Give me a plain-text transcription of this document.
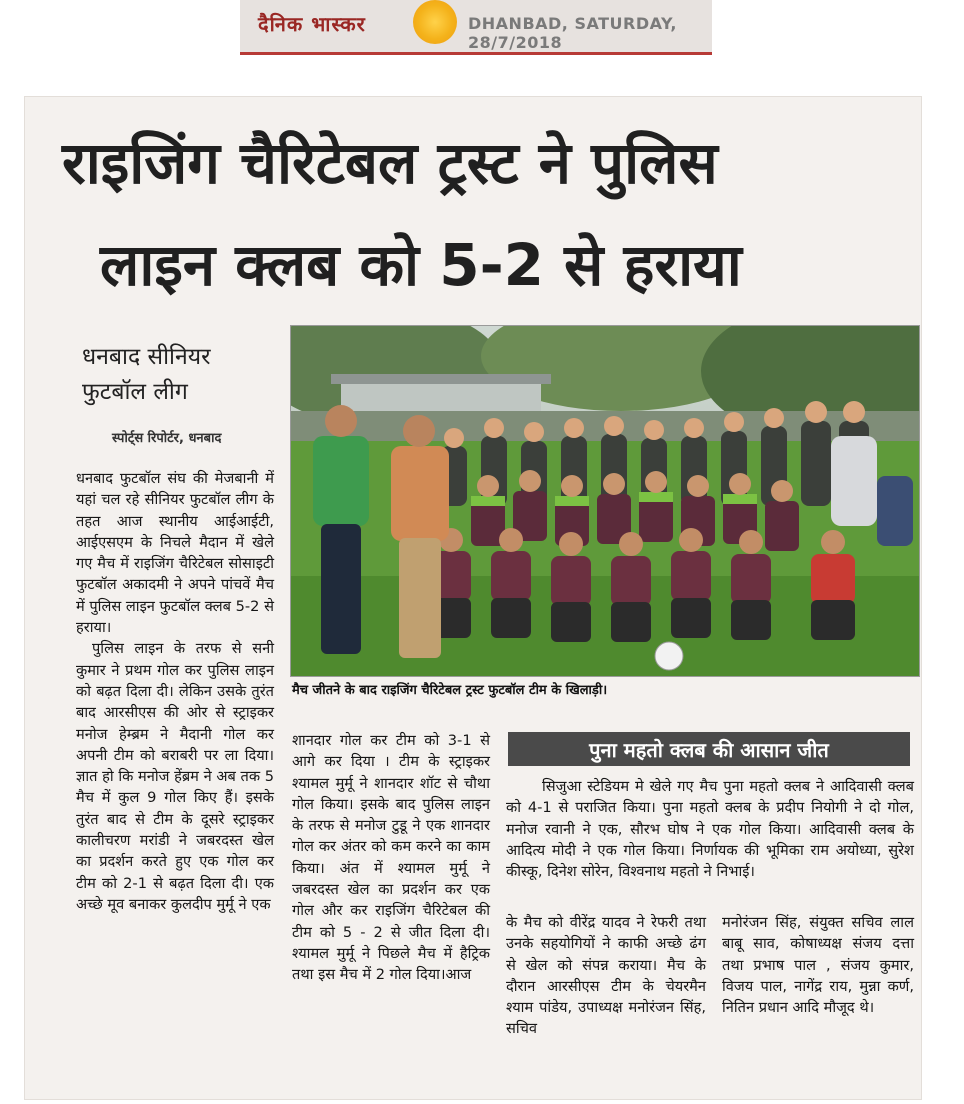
दैनिक भास्कर	DHANBAD, SATURDAY, 28/7/2018
राइजिंग चैरिटेबल ट्रस्ट ने पुलिस
लाइन क्लब को 5-2 से हराया
धनबाद सीनियर
फुटबॉल लीग
स्पोर्ट्स रिपोर्टर, धनबाद
मैच जीतने के बाद राइजिंग चैरिटेबल ट्रस्ट फुटबॉल टीम के खिलाड़ी।

धनबाद फुटबॉल संघ की मेजबानी में यहां चल रहे सीनियर फुटबॉल लीग के तहत आज स्थानीय आईआईटी, आईएसएम के निचले मैदान में खेले गए मैच में राइजिंग चैरिटेबल सोसाइटी फुटबॉल अकादमी ने अपने पांचवें मैच में पुलिस लाइन फुटबॉल क्लब 5-2 से हराया।

पुलिस लाइन के तरफ से सनी कुमार ने प्रथम गोल कर पुलिस लाइन को बढ़त दिला दी। लेकिन उसके तुरंत बाद आरसीएस की ओर से स्ट्राइकर मनोज हेम्ब्रम ने मैदानी गोल कर अपनी टीम को बराबरी पर ला दिया। ज्ञात हो कि मनोज हेंब्रम ने अब तक 5 मैच में कुल 9 गोल किए हैं। इसके तुरंत बाद से टीम के दूसरे स्ट्राइकर कालीचरण मरांडी ने जबरदस्त खेल का प्रदर्शन करते हुए एक गोल कर टीम को 2-1 से बढ़त दिला दी। एक अच्छे मूव बनाकर कुलदीप मुर्मू ने एक

शानदार गोल कर टीम को 3-1 से आगे कर दिया । टीम के स्ट्राइकर श्यामल मुर्मू ने शानदार शॉट से चौथा गोल किया। इसके बाद पुलिस लाइन के तरफ से मनोज टुडू ने एक शानदार गोल कर अंतर को कम करने का काम किया। अंत में श्यामल मुर्मू ने जबरदस्त खेल का प्रदर्शन कर एक गोल और कर राइजिंग चैरिटेबल की टीम को 5 - 2 से जीत दिला दी। श्यामल मुर्मू ने पिछले मैच में हैट्रिक तथा इस मैच में 2 गोल दिया।आज

पुना महतो क्लब की आसान जीत

सिजुआ स्टेडियम मे खेले गए मैच पुना महतो क्लब ने आदिवासी क्लब को 4-1 से पराजित किया। पुना महतो क्लब के प्रदीप नियोगी ने दो गोल, मनोज रवानी ने एक, सौरभ घोष ने एक गोल किया। आदिवासी क्लब के आदित्य मोदी ने एक गोल किया। निर्णायक की भूमिका राम अयोध्या, सुरेश कीस्कू, दिनेश सोरेन, विश्वनाथ महतो ने निभाई।

के मैच को वीरेंद्र यादव ने रेफरी तथा उनके सहयोगियों ने काफी अच्छे ढंग से खेल को संपन्न कराया। मैच के दौरान आरसीएस टीम के चेयरमैन श्याम पांडेय, उपाध्यक्ष मनोरंजन सिंह, सचिव

मनोरंजन सिंह, संयुक्त सचिव लाल बाबू साव, कोषाध्यक्ष संजय दत्ता तथा प्रभाष पाल , संजय कुमार, विजय पाल, नागेंद्र राय, मुन्ना कर्ण, नितिन प्रधान आदि मौजूद थे।
